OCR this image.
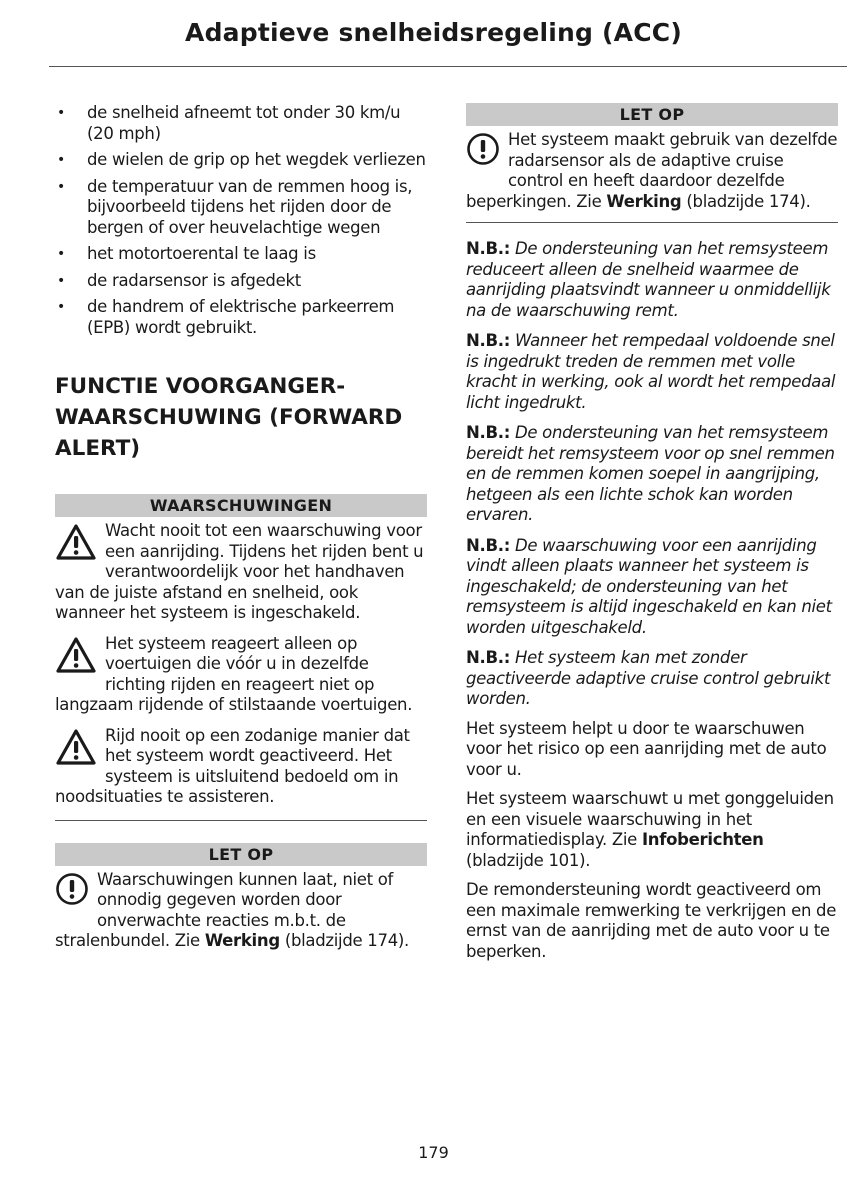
Adaptieve snelheidsregeling (ACC)
• de snelheid afneemt tot onder 30 km/u (20 mph)
• de wielen de grip op het wegdek verliezen
• de temperatuur van de remmen hoog is, bijvoorbeeld tijdens het rijden door de bergen of over heuvelachtige wegen
• het motortoerental te laag is
• de radarsensor is afgedekt
• de handrem of elektrische parkeerrem (EPB) wordt gebruikt.
FUNCTIE VOORGANGER-
WAARSCHUWING (FORWARD
ALERT)
WAARSCHUWINGEN
Wacht nooit tot een waarschuwing voor een aanrijding. Tijdens het rijden bent u verantwoordelijk voor het handhaven van de juiste afstand en snelheid, ook wanneer het systeem is ingeschakeld.
Het systeem reageert alleen op voertuigen die vóór u in dezelfde richting rijden en reageert niet op langzaam rijdende of stilstaande voertuigen.
Rijd nooit op een zodanige manier dat het systeem wordt geactiveerd. Het systeem is uitsluitend bedoeld om in noodsituaties te assisteren.
LET OP
Waarschuwingen kunnen laat, niet of onnodig gegeven worden door onverwachte reacties m.b.t. de stralenbundel. Zie Werking (bladzijde 174).
LET OP
Het systeem maakt gebruik van dezelfde radarsensor als de adaptive cruise control en heeft daardoor dezelfde beperkingen. Zie Werking (bladzijde 174).
N.B.: De ondersteuning van het remsysteem reduceert alleen de snelheid waarmee de aanrijding plaatsvindt wanneer u onmiddellijk na de waarschuwing remt.
N.B.: Wanneer het rempedaal voldoende snel is ingedrukt treden de remmen met volle kracht in werking, ook al wordt het rempedaal licht ingedrukt.
N.B.: De ondersteuning van het remsysteem bereidt het remsysteem voor op snel remmen en de remmen komen soepel in aangrijping, hetgeen als een lichte schok kan worden ervaren.
N.B.: De waarschuwing voor een aanrijding vindt alleen plaats wanneer het systeem is ingeschakeld; de ondersteuning van het remsysteem is altijd ingeschakeld en kan niet worden uitgeschakeld.
N.B.: Het systeem kan met zonder geactiveerde adaptive cruise control gebruikt worden.
Het systeem helpt u door te waarschuwen voor het risico op een aanrijding met de auto voor u.
Het systeem waarschuwt u met gonggeluiden en een visuele waarschuwing in het informatiedisplay. Zie Infoberichten (bladzijde 101).
De remondersteuning wordt geactiveerd om een maximale remwerking te verkrijgen en de ernst van de aanrijding met de auto voor u te beperken.
179
